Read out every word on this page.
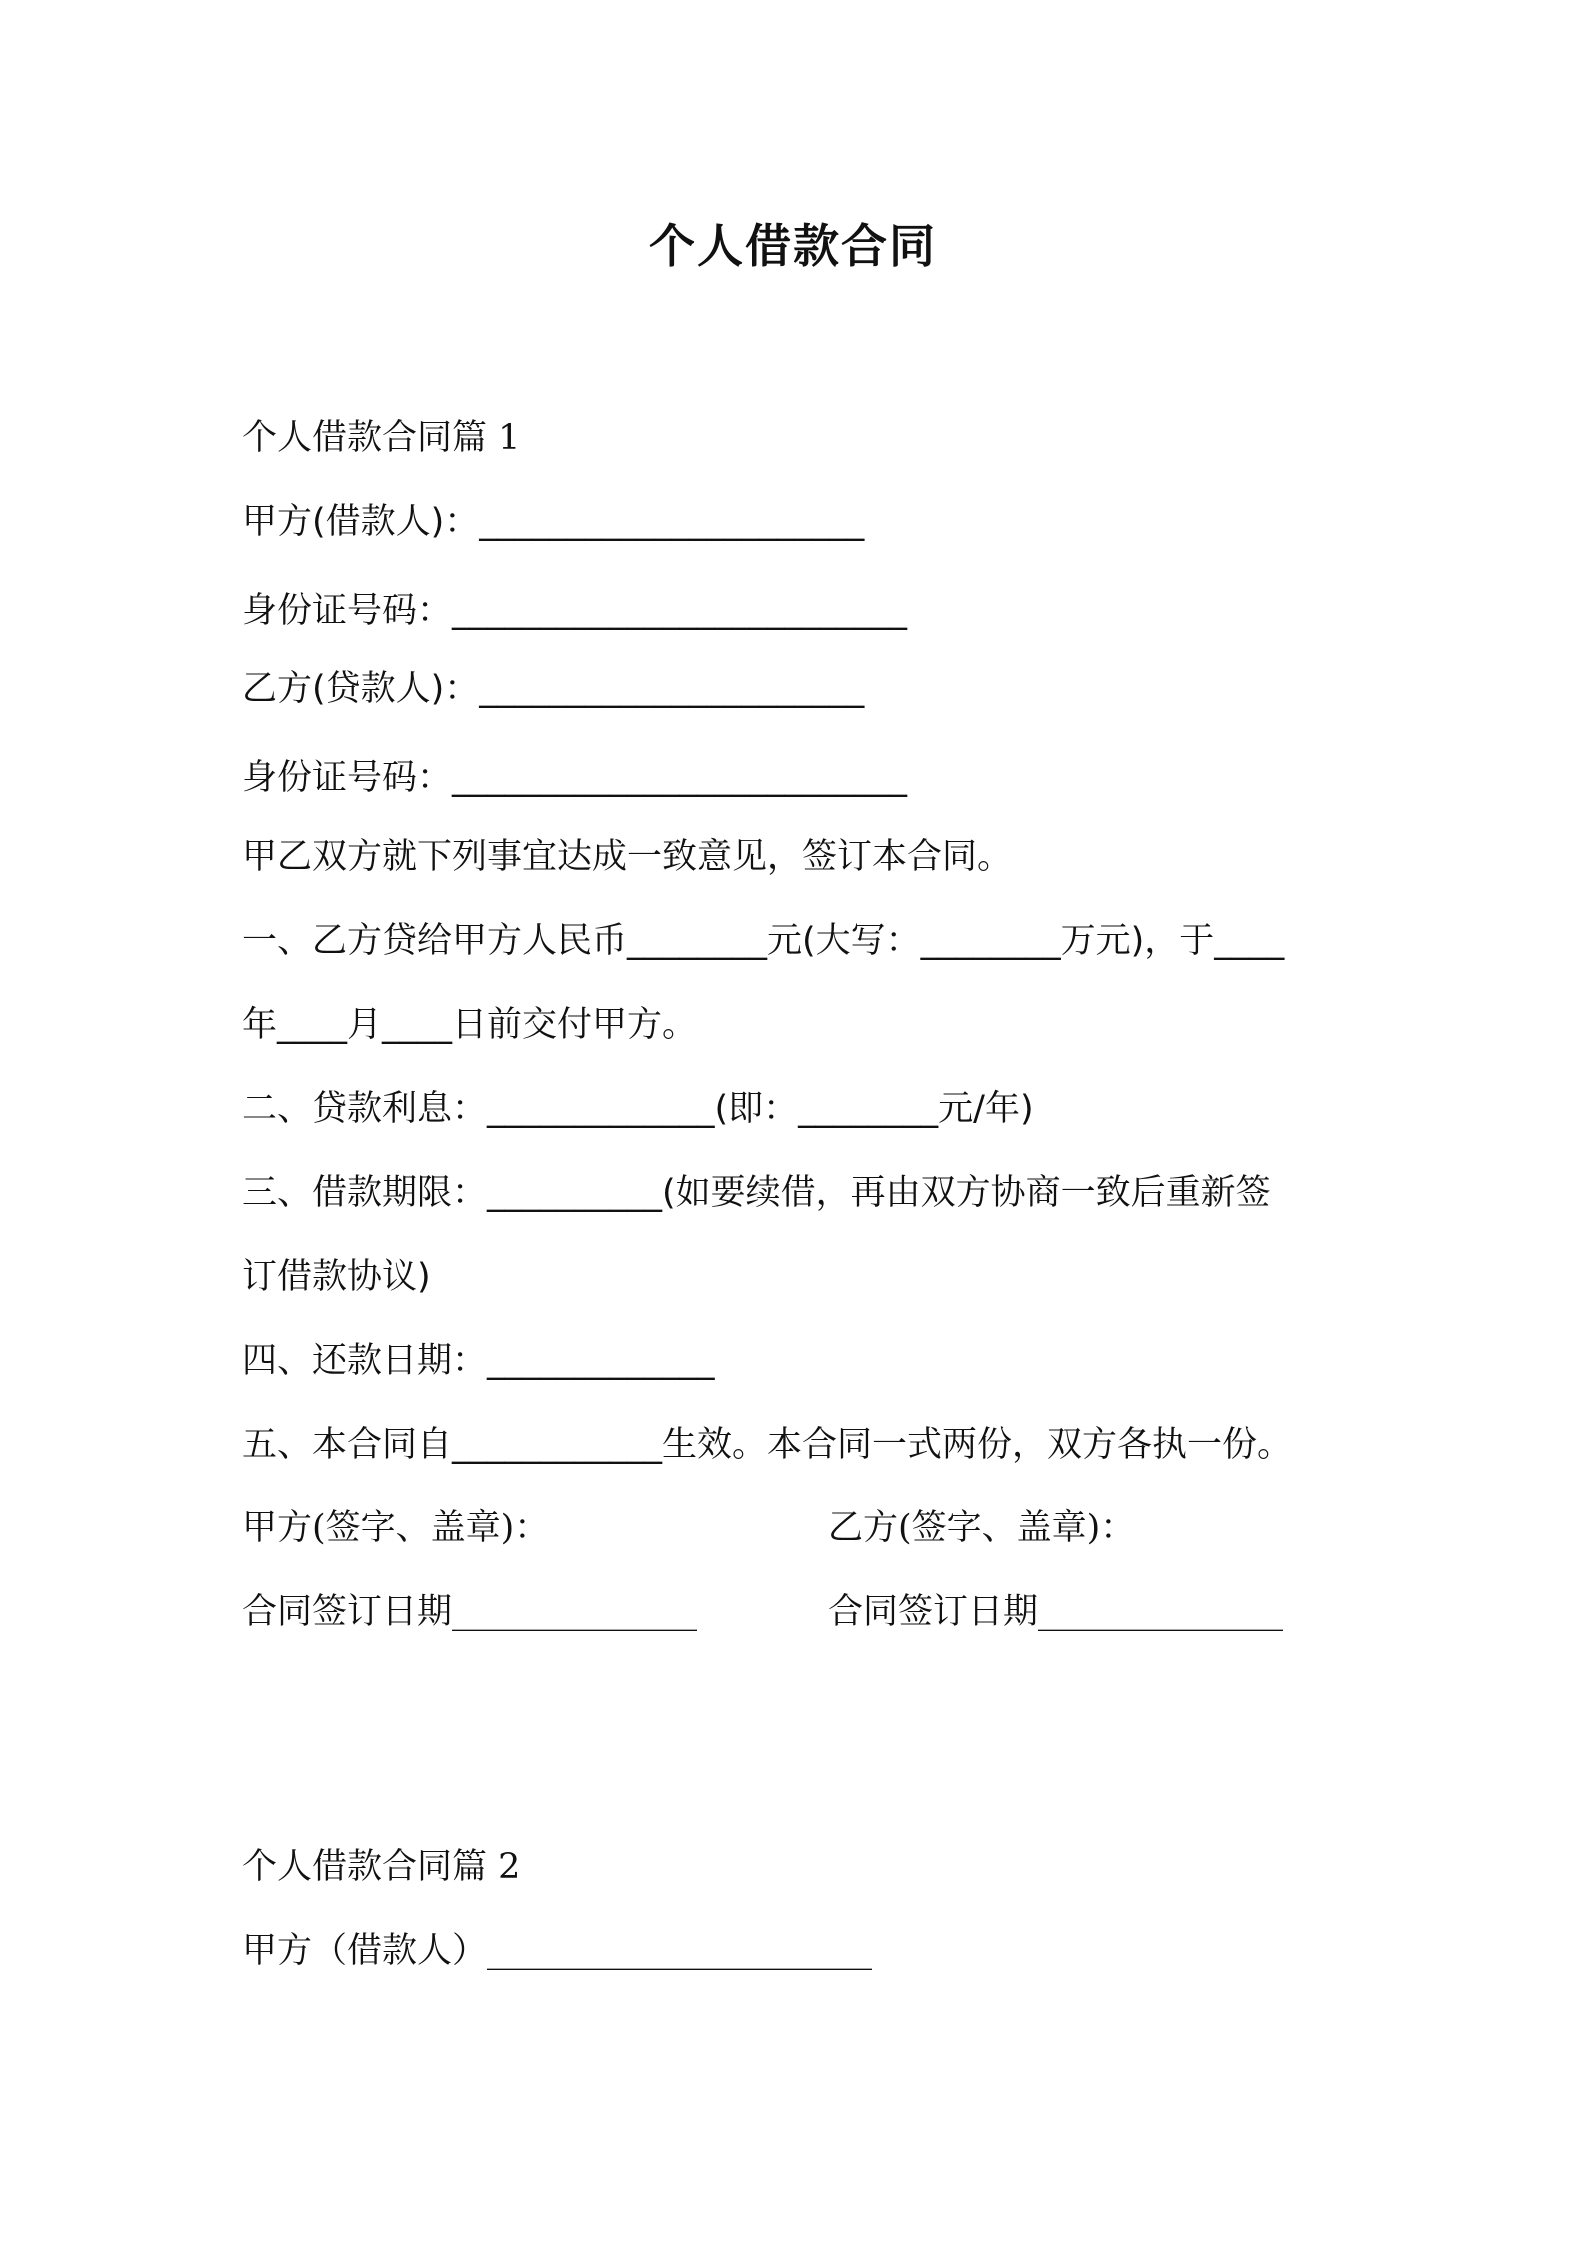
个人借款合同
个人借款合同篇 1
甲方(借款人)：______________________
身份证号码：__________________________
乙方(贷款人)：______________________
身份证号码：__________________________
甲乙双方就下列事宜达成一致意见，签订本合同。
一、乙方贷给甲方人民币________元(大写：________万元)，于____
年____月____日前交付甲方。
二、贷款利息：_____________(即：________元/年)
三、借款期限：__________(如要续借，再由双方协商一致后重新签
订借款协议)
四、还款日期：_____________
五、本合同自____________生效。本合同一式两份，双方各执一份。
甲方(签字、盖章)：	乙方(签字、盖章)：
合同签订日期______________	合同签订日期______________
个人借款合同篇 2
甲方（借款人）______________________
